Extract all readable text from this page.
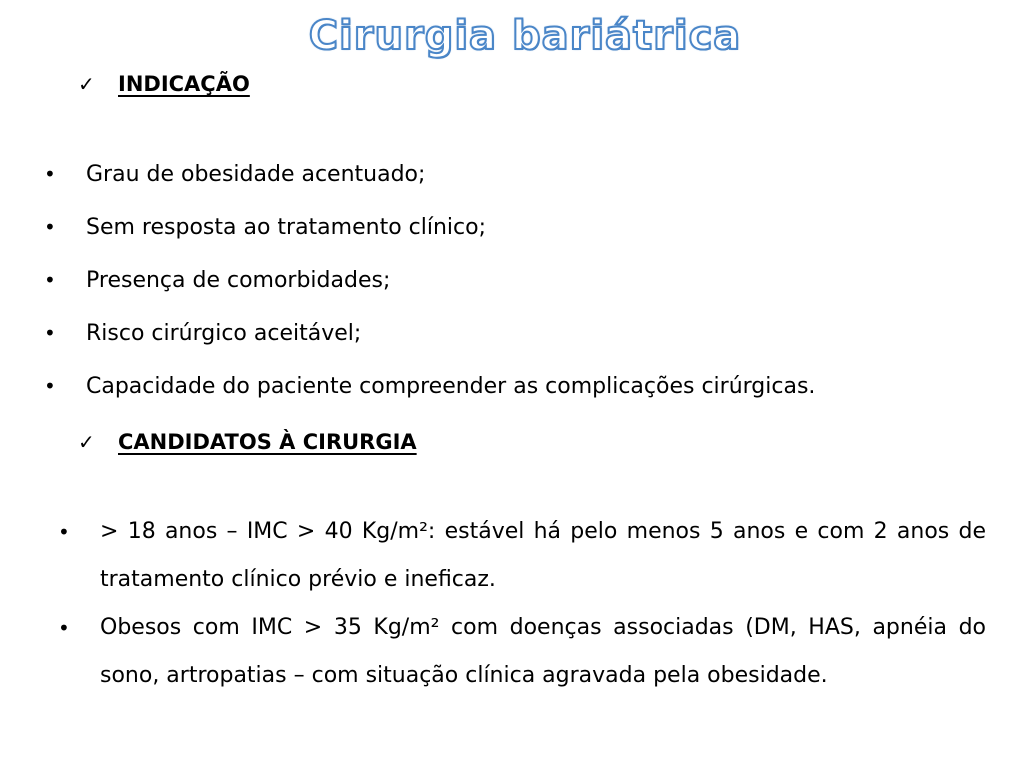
Cirurgia bariátrica
✓	INDICAÇÃO
•	Grau de obesidade acentuado;
•	Sem resposta ao tratamento clínico;
•	Presença de comorbidades;
•	Risco cirúrgico aceitável;
•	Capacidade do paciente compreender as complicações cirúrgicas.
✓	CANDIDATOS À CIRURGIA
•	> 18 anos – IMC > 40 Kg/m²: estável há pelo menos 5 anos e com 2 anos de tratamento clínico prévio e ineficaz.
•	Obesos com IMC > 35 Kg/m² com doenças associadas (DM, HAS, apnéia do sono, artropatias – com situação clínica agravada pela obesidade.
